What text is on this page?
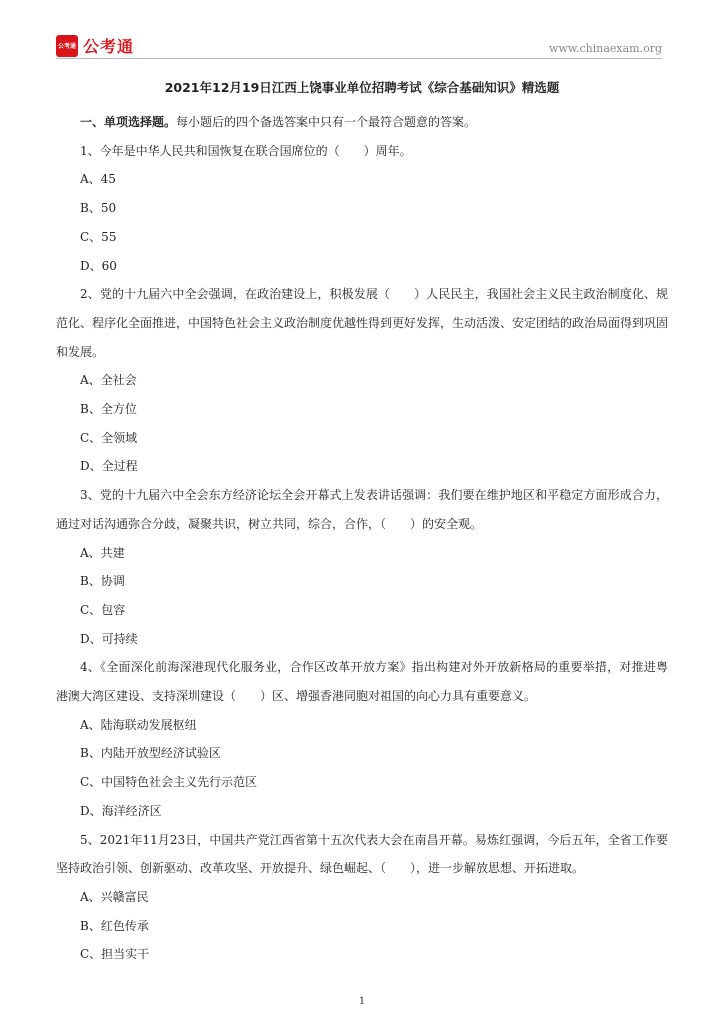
公考通 公考通	www.chinaexam.org
2021年12月19日江西上饶事业单位招聘考试《综合基础知识》精选题

一、单项选择题。每小题后的四个备选答案中只有一个最符合题意的答案。

1、今年是中华人民共和国恢复在联合国席位的（　　）周年。

A、45

B、50

C、55

D、60

2、党的十九届六中全会强调，在政治建设上，积极发展（　　）人民民主，我国社会主义民主政治制度化、规范化、程序化全面推进，中国特色社会主义政治制度优越性得到更好发挥，生动活泼、安定团结的政治局面得到巩固和发展。

A、全社会

B、全方位

C、全领域

D、全过程

3、党的十九届六中全会东方经济论坛全会开幕式上发表讲话强调：我们要在维护地区和平稳定方面形成合力，通过对话沟通弥合分歧，凝聚共识，树立共同，综合，合作，（　　）的安全观。

A、共建

B、协调

C、包容

D、可持续

4、《全面深化前海深港现代化服务业，合作区改革开放方案》指出构建对外开放新格局的重要举措，对推进粤港澳大湾区建设、支持深圳建设（　　）区、增强香港同胞对祖国的向心力具有重要意义。

A、陆海联动发展枢纽

B、内陆开放型经济试验区

C、中国特色社会主义先行示范区

D、海洋经济区

5、2021年11月23日，中国共产党江西省第十五次代表大会在南昌开幕。易炼红强调，今后五年，全省工作要坚持政治引领、创新驱动、改革攻坚、开放提升、绿色崛起、（　　），进一步解放思想、开拓进取。

A、兴赣富民

B、红色传承

C、担当实干

1
